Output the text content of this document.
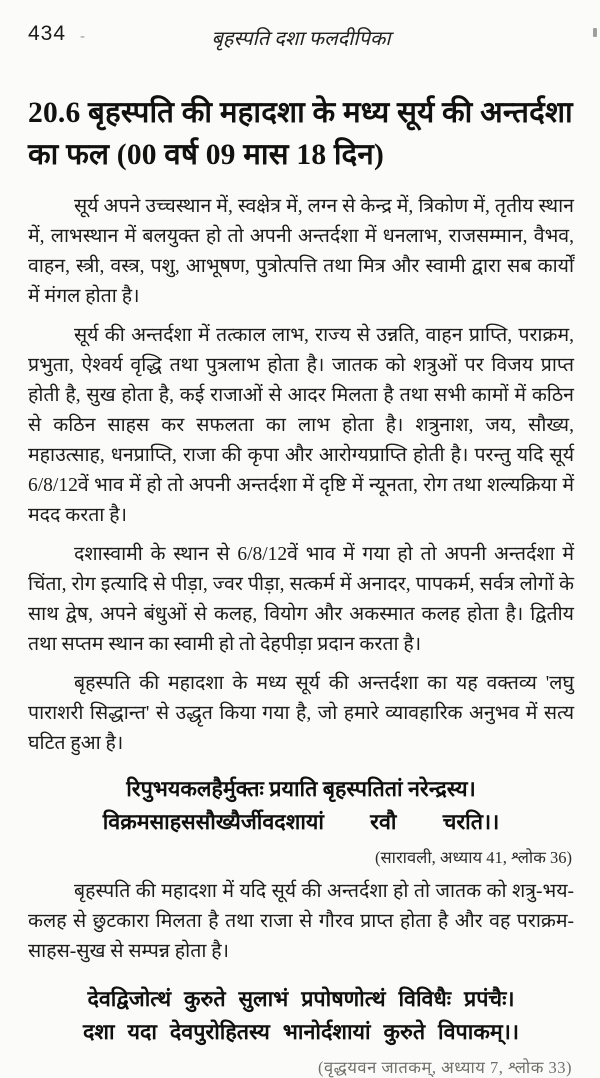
434 -	बृहस्पति दशा फलदीपिका
20.6 बृहस्पति की महादशा के मध्य सूर्य की अन्तर्दशा का फल (00 वर्ष 09 मास 18 दिन)

सूर्य अपने उच्चस्थान में, स्वक्षेत्र में, लग्न से केन्द्र में, त्रिकोण में, तृतीय स्थान में, लाभस्थान में बलयुक्त हो तो अपनी अन्तर्दशा में धनलाभ, राजसम्मान, वैभव, वाहन, स्त्री, वस्त्र, पशु, आभूषण, पुत्रोत्पत्ति तथा मित्र और स्वामी द्वारा सब कार्यों में मंगल होता है।

सूर्य की अन्तर्दशा में तत्काल लाभ, राज्य से उन्नति, वाहन प्राप्ति, पराक्रम, प्रभुता, ऐश्वर्य वृद्धि तथा पुत्रलाभ होता है। जातक को शत्रुओं पर विजय प्राप्त होती है, सुख होता है, कई राजाओं से आदर मिलता है तथा सभी कामों में कठिन से कठिन साहस कर सफलता का लाभ होता है। शत्रुनाश, जय, सौख्य, महाउत्साह, धनप्राप्ति, राजा की कृपा और आरोग्यप्राप्ति होती है। परन्तु यदि सूर्य 6/8/12वें भाव में हो तो अपनी अन्तर्दशा में दृष्टि में न्यूनता, रोग तथा शल्यक्रिया में मदद करता है।

दशास्वामी के स्थान से 6/8/12वें भाव में गया हो तो अपनी अन्तर्दशा में चिंता, रोग इत्यादि से पीड़ा, ज्वर पीड़ा, सत्कर्म में अनादर, पापकर्म, सर्वत्र लोगों के साथ द्वेष, अपने बंधुओं से कलह, वियोग और अकस्मात कलह होता है। द्वितीय तथा सप्तम स्थान का स्वामी हो तो देहपीड़ा प्रदान करता है।

बृहस्पति की महादशा के मध्य सूर्य की अन्तर्दशा का यह वक्तव्य 'लघु पाराशरी सिद्धान्त' से उद्धृत किया गया है, जो हमारे व्यावहारिक अनुभव में सत्य घटित हुआ है।

रिपुभयकलहैर्मुक्तः प्रयाति बृहस्पतितां नरेन्द्रस्य।
विक्रमसाहससौख्यैर्जीवदशायां रवौ चरति।।
(सारावली, अध्याय 41, श्लोक 36)

बृहस्पति की महादशा में यदि सूर्य की अन्तर्दशा हो तो जातक को शत्रु-भय-कलह से छुटकारा मिलता है तथा राजा से गौरव प्राप्त होता है और वह पराक्रम-साहस-सुख से सम्पन्न होता है।

देवद्विजोत्थं कुरुते सुलाभं प्रपोषणोत्थं विविधैः प्रपंचैः।
दशा यदा देवपुरोहितस्य भानोर्दशायां कुरुते विपाकम्।।
(वृद्धयवन जातकम्, अध्याय 7, श्लोक 33)
